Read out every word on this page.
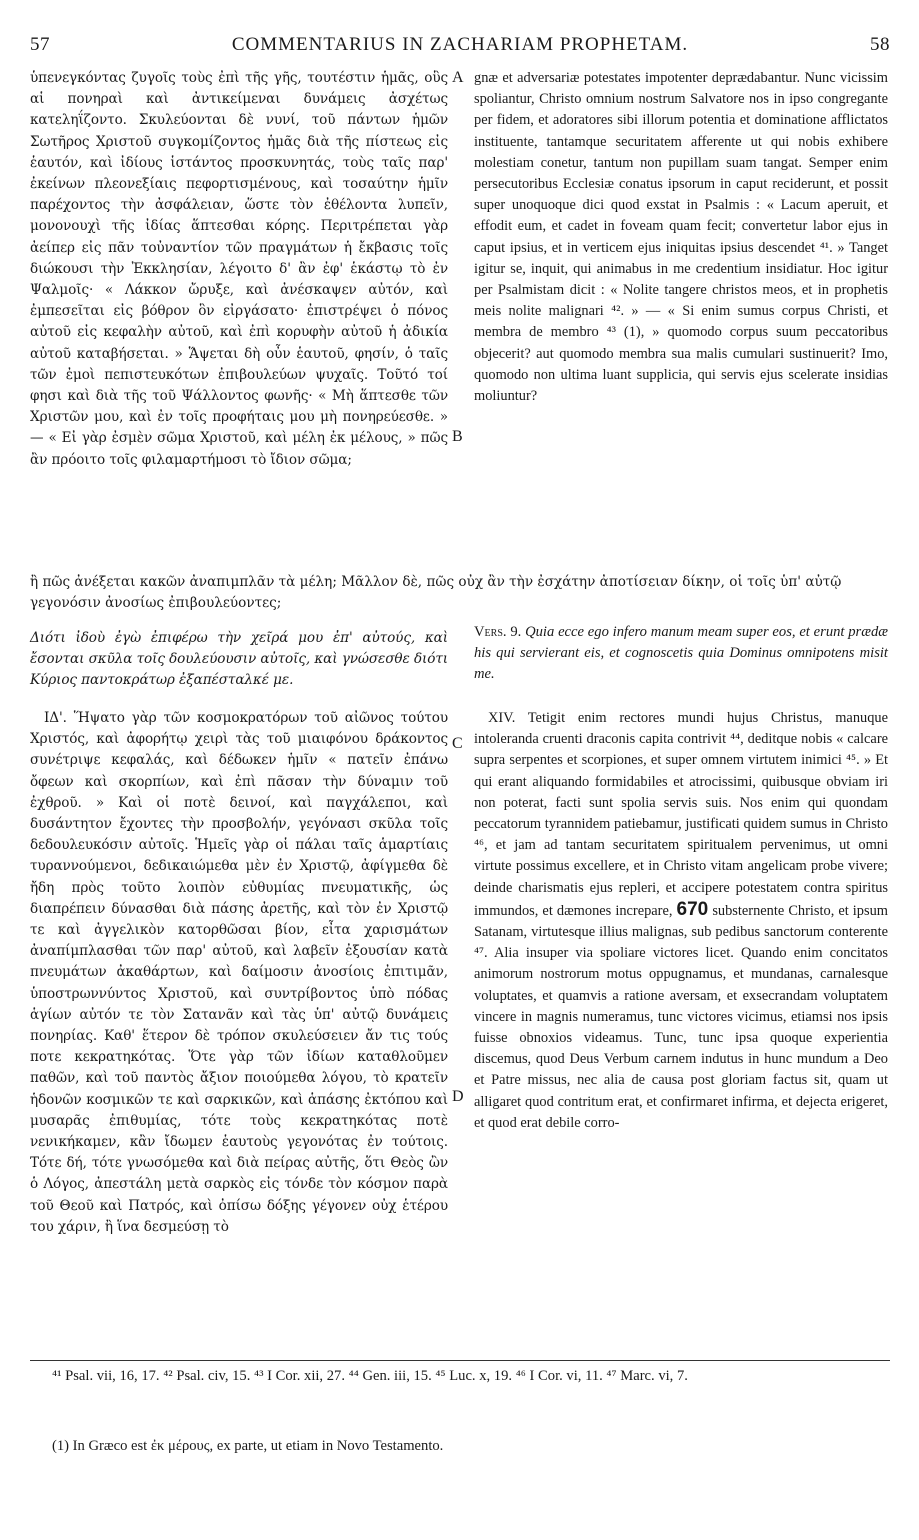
57	COMMENTARIUS IN ZACHARIAM PROPHETAM.	58

ὑπενεγκόντας ζυγοῖς τοὺς ἐπὶ τῆς γῆς, τουτέστιν ἡμᾶς, οὓς αἱ πονηραὶ καὶ ἀντικείμεναι δυνάμεις ἀσχέτως κατεληΐζοντο. Σκυλεύονται δὲ νυνί, τοῦ πάντων ἡμῶν Σωτῆρος Χριστοῦ συγκομίζοντος ἡμᾶς διὰ τῆς πίστεως εἰς ἑαυτόν, καὶ ἰδίους ἱστάντος προσκυνητάς, τοὺς ταῖς παρ' ἐκείνων πλεονεξίαις πεφορτισμένους, καὶ τοσαύτην ἡμῖν παρέχοντος τὴν ἀσφάλειαν, ὥστε τὸν ἐθέλοντα λυπεῖν, μονονουχὶ τῆς ἰδίας ἅπτεσθαι κόρης. Περιτρέπεται γὰρ ἀείπερ εἰς πᾶν τοὐναντίον τῶν πραγμάτων ἡ ἔκβασις τοῖς διώκουσι τὴν Ἐκκλησίαν, λέγοιτο δ' ἂν ἐφ' ἑκάστῳ τὸ ἐν Ψαλμοῖς· « Λάκκον ὤρυξε, καὶ ἀνέσκαψεν αὐτόν, καὶ ἐμπεσεῖται εἰς βόθρον ὃν εἰργάσατο· ἐπιστρέψει ὁ πόνος αὐτοῦ εἰς κεφαλὴν αὐτοῦ, καὶ ἐπὶ κορυφὴν αὐτοῦ ἡ ἀδικία αὐτοῦ καταβήσεται. » Ἅψεται δὴ οὖν ἑαυτοῦ, φησίν, ὁ ταῖς τῶν ἐμοὶ πεπιστευκότων ἐπιβουλεύων ψυχαῖς. Τοῦτό τοί φησι καὶ διὰ τῆς τοῦ Ψάλλοντος φωνῆς· « Μὴ ἅπτεσθε τῶν Χριστῶν μου, καὶ ἐν τοῖς προφήταις μου μὴ πονηρεύεσθε. » — « Εἰ γὰρ ἐσμὲν σῶμα Χριστοῦ, καὶ μέλη ἐκ μέλους, » πῶς ἂν πρόοιτο τοῖς φιλαμαρτήμοσι τὸ ἴδιον σῶμα;

gnæ et adversariæ potestates impotenter deprædabantur. Nunc vicissim spoliantur, Christo omnium nostrum Salvatore nos in ipso congregante per fidem, et adoratores sibi illorum potentia et dominatione afflictatos instituente, tantamque securitatem afferente ut qui nobis exhibere molestiam conetur, tantum non pupillam suam tangat. Semper enim persecutoribus Ecclesiæ conatus ipsorum in caput reciderunt, et possit super unoquoque dici quod exstat in Psalmis : « Lacum aperuit, et effodit eum, et cadet in foveam quam fecit; convertetur labor ejus in caput ipsius, et in verticem ejus iniquitas ipsius descendet ⁴¹. » Tanget igitur se, inquit, qui animabus in me credentium insidiatur. Hoc igitur per Psalmistam dicit : « Nolite tangere christos meos, et in prophetis meis nolite malignari ⁴². » — « Si enim sumus corpus Christi, et membra de membro ⁴³ (1), » quomodo corpus suum peccatoribus objecerit? aut quomodo membra sua malis cumulari sustinuerit? Imo, quomodo non ultima luant supplicia, qui servis ejus scelerate insidias moliuntur?

ἢ πῶς ἀνέξεται κακῶν ἀναπιμπλᾶν τὰ μέλη; Μᾶλλον δὲ, πῶς οὐχ ἂν τὴν ἐσχάτην ἀποτίσειαν δίκην, οἱ τοῖς ὑπ' αὐτῷ γεγονόσιν ἀνοσίως ἐπιβουλεύοντες;

Διότι ἰδοὺ ἐγὼ ἐπιφέρω τὴν χεῖρά μου ἐπ' αὐτούς, καὶ ἔσονται σκῦλα τοῖς δουλεύουσιν αὐτοῖς, καὶ γνώσεσθε διότι Κύριος παντοκράτωρ ἐξαπέσταλκέ με.

Vers. 9. Quia ecce ego infero manum meam super eos, et erunt prædæ his qui servierant eis, et cognoscetis quia Dominus omnipotens misit me.

ΙΔ'. Ἥψατο γὰρ τῶν κοσμοκρατόρων τοῦ αἰῶνος τούτου Χριστός, καὶ ἀφορήτῳ χειρὶ τὰς τοῦ μιαιφόνου δράκοντος συνέτριψε κεφαλάς, καὶ δέδωκεν ἡμῖν « πατεῖν ἐπάνω ὄφεων καὶ σκορπίων, καὶ ἐπὶ πᾶσαν τὴν δύναμιν τοῦ ἐχθροῦ. » Καὶ οἱ ποτὲ δεινοί, καὶ παγχάλεποι, καὶ δυσάντητον ἔχοντες τὴν προσβολήν, γεγόνασι σκῦλα τοῖς δεδουλευκόσιν αὐτοῖς. Ἡμεῖς γὰρ οἱ πάλαι ταῖς ἁμαρτίαις τυραννούμενοι, δεδικαιώμεθα μὲν ἐν Χριστῷ, ἀφίγμεθα δὲ ἤδη πρὸς τοῦτο λοιπὸν εὐθυμίας πνευματικῆς, ὡς διαπρέπειν δύνασθαι διὰ πάσης ἀρετῆς, καὶ τὸν ἐν Χριστῷ τε καὶ ἀγγελικὸν κατορθῶσαι βίον, εἶτα χαρισμάτων ἀναπίμπλασθαι τῶν παρ' αὐτοῦ, καὶ λαβεῖν ἐξουσίαν κατὰ πνευμάτων ἀκαθάρτων, καὶ δαίμοσιν ἀνοσίοις ἐπιτιμᾶν, ὑποστρωννύντος Χριστοῦ, καὶ συντρίβοντος ὑπὸ πόδας ἁγίων αὐτόν τε τὸν Σατανᾶν καὶ τὰς ὑπ' αὐτῷ δυνάμεις πονηρίας. Καθ' ἕτερον δὲ τρόπον σκυλεύσειεν ἄν τις τούς ποτε κεκρατηκότας. Ὅτε γὰρ τῶν ἰδίων καταθλοῦμεν παθῶν, καὶ τοῦ παντὸς ἄξιον ποιούμεθα λόγου, τὸ κρατεῖν ἡδονῶν κοσμικῶν τε καὶ σαρκικῶν, καὶ ἁπάσης ἐκτόπου καὶ μυσαρᾶς ἐπιθυμίας, τότε τοὺς κεκρατηκότας ποτὲ νενικήκαμεν, κἂν ἴδωμεν ἑαυτοὺς γεγονότας ἐν τούτοις. Τότε δή, τότε γνωσόμεθα καὶ διὰ πείρας αὐτῆς, ὅτι Θεὸς ὢν ὁ Λόγος, ἀπεστάλη μετὰ σαρκὸς εἰς τόνδε τὸν κόσμον παρὰ τοῦ Θεοῦ καὶ Πατρός, καὶ ὀπίσω δόξης γέγονεν οὐχ ἑτέρου του χάριν, ἢ ἵνα δεσμεύσῃ τὸ

XIV. Tetigit enim rectores mundi hujus Christus, manuque intoleranda cruenti draconis capita contrivit ⁴⁴, deditque nobis « calcare supra serpentes et scorpiones, et super omnem virtutem inimici ⁴⁵. » Et qui erant aliquando formidabiles et atrocissimi, quibusque obviam iri non poterat, facti sunt spolia servis suis. Nos enim qui quondam peccatorum tyrannidem patiebamur, justificati quidem sumus in Christo ⁴⁶, et jam ad tantam securitatem spiritualem pervenimus, ut omni virtute possimus excellere, et in Christo vitam angelicam probe vivere; deinde charismatis ejus repleri, et accipere potestatem contra spiritus immundos, et dæmones increpare, 670 substernente Christo, et ipsum Satanam, virtutesque illius malignas, sub pedibus sanctorum conterente ⁴⁷. Alia insuper via spoliare victores licet. Quando enim concitatos animorum nostrorum motus oppugnamus, et mundanas, carnalesque voluptates, et quamvis a ratione aversam, et exsecrandam voluptatem vincere in magnis numeramus, tunc victores vicimus, etiamsi nos ipsis fuisse obnoxios videamus. Tunc, tunc ipsa quoque experientia discemus, quod Deus Verbum carnem indutus in hunc mundum a Deo et Patre missus, nec alia de causa post gloriam factus sit, quam ut alligaret quod contritum erat, et confirmaret infirma, et dejecta erigeret, et quod erat debile corro-

A
B
C
D
⁴¹ Psal. vii, 16, 17. ⁴² Psal. civ, 15. ⁴³ I Cor. xii, 27. ⁴⁴ Gen. iii, 15. ⁴⁵ Luc. x, 19. ⁴⁶ I Cor. vi, 11. ⁴⁷ Marc. vi, 7.
(1) In Græco est ἐκ μέρους, ex parte, ut etiam in Novo Testamento.
